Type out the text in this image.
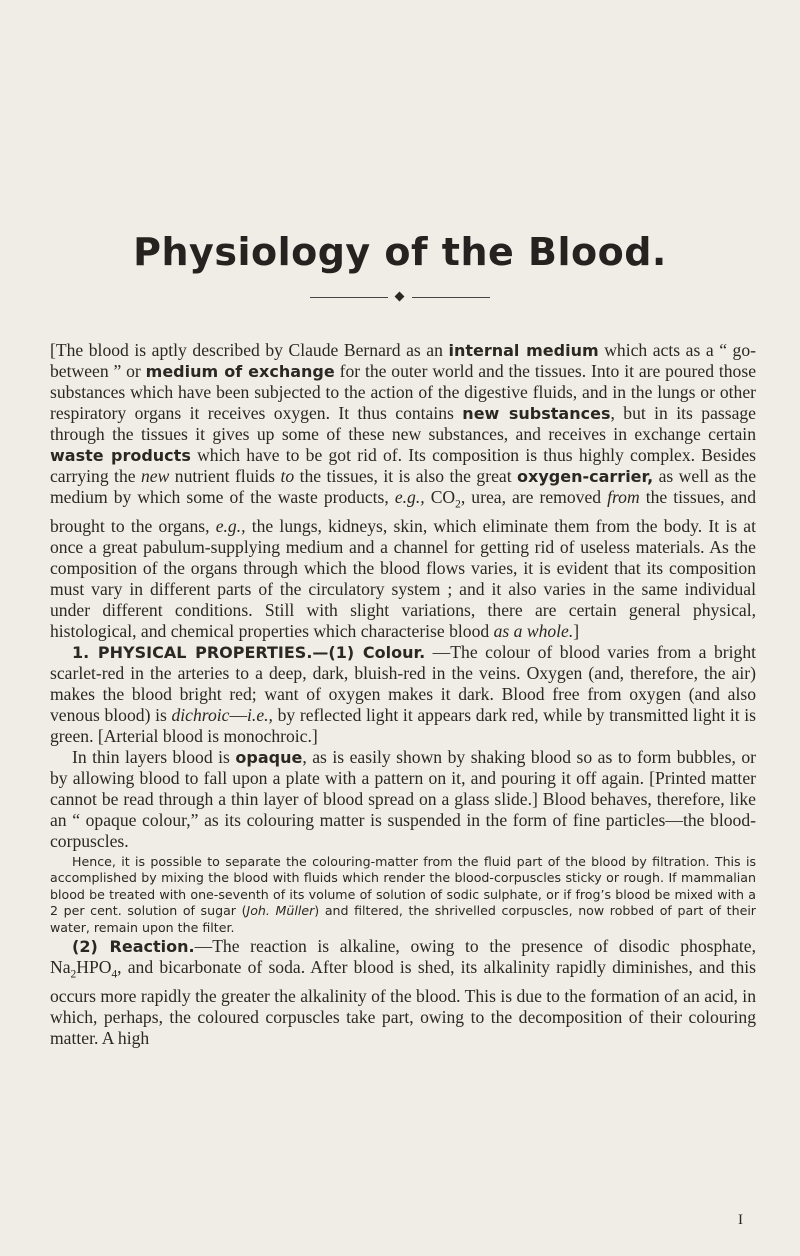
Physiology of the Blood.

[The blood is aptly described by Claude Bernard as an internal medium which acts as a “ go-between ” or medium of exchange for the outer world and the tissues. Into it are poured those substances which have been subjected to the action of the digestive fluids, and in the lungs or other respiratory organs it receives oxygen. It thus contains new substances, but in its passage through the tissues it gives up some of these new substances, and receives in exchange certain waste products which have to be got rid of. Its composition is thus highly complex. Besides carrying the new nutrient fluids to the tissues, it is also the great oxygen-carrier, as well as the medium by which some of the waste products, e.g., $CO_2$, urea, are removed from the tissues, and brought to the organs, e.g., the lungs, kidneys, skin, which eliminate them from the body. It is at once a great pabulum-supplying medium and a channel for getting rid of useless materials. As the composition of the organs through which the blood flows varies, it is evident that its composition must vary in different parts of the circulatory system ; and it also varies in the same individual under different conditions. Still with slight variations, there are certain general physical, histological, and chemical properties which characterise blood as a whole.]

1. PHYSICAL PROPERTIES.—(1) Colour. —The colour of blood varies from a bright scarlet-red in the arteries to a deep, dark, bluish-red in the veins. Oxygen (and, therefore, the air) makes the blood bright red; want of oxygen makes it dark. Blood free from oxygen (and also venous blood) is dichroic—i.e., by reflected light it appears dark red, while by transmitted light it is green. [Arterial blood is monochroic.]

In thin layers blood is opaque, as is easily shown by shaking blood so as to form bubbles, or by allowing blood to fall upon a plate with a pattern on it, and pouring it off again. [Printed matter cannot be read through a thin layer of blood spread on a glass slide.] Blood behaves, therefore, like an “ opaque colour,” as its colouring matter is suspended in the form of fine particles—the blood-corpuscles.

Hence, it is possible to separate the colouring-matter from the fluid part of the blood by filtration. This is accomplished by mixing the blood with fluids which render the blood-corpuscles sticky or rough. If mammalian blood be treated with one-seventh of its volume of solution of sodic sulphate, or if frog’s blood be mixed with a 2 per cent. solution of sugar (Joh. Müller) and filtered, the shrivelled corpuscles, now robbed of part of their water, remain upon the filter.

(2) Reaction.—The reaction is alkaline, owing to the presence of disodic phosphate, $Na_2HPO_4$, and bicarbonate of soda. After blood is shed, its alkalinity rapidly diminishes, and this occurs more rapidly the greater the alkalinity of the blood. This is due to the formation of an acid, in which, perhaps, the coloured corpuscles take part, owing to the decomposition of their colouring matter. A high

I
